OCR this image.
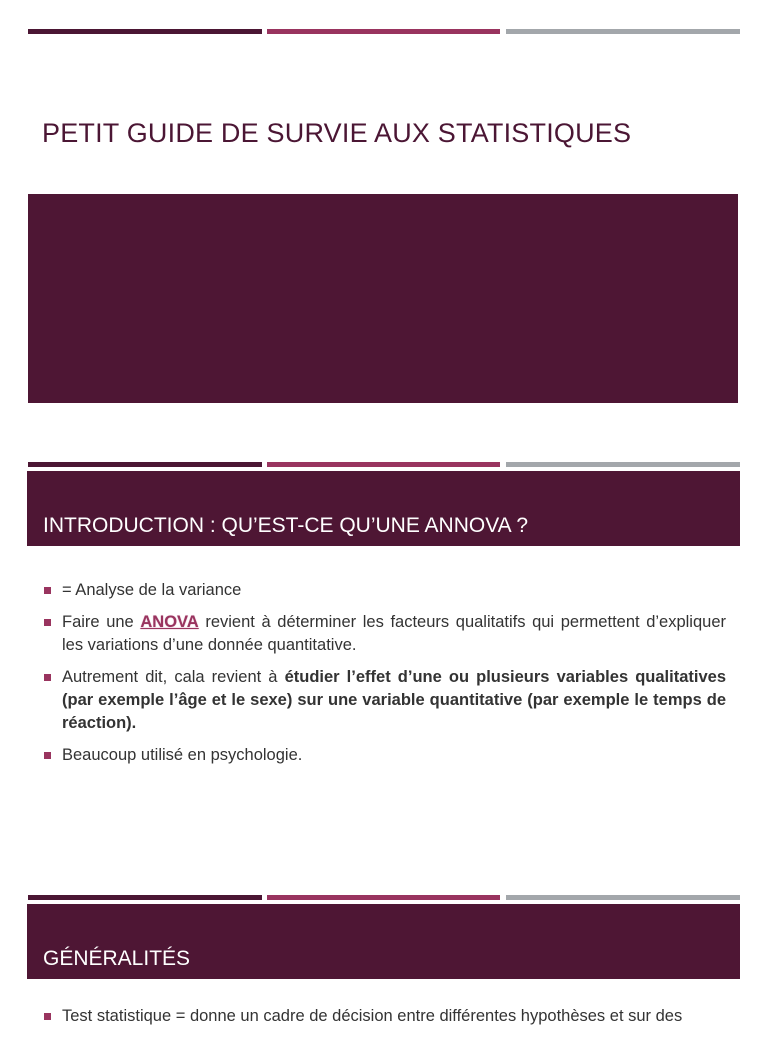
PETIT GUIDE DE SURVIE AUX STATISTIQUES
INTRODUCTION : QU’EST-CE QU’UNE ANNOVA ?
= Analyse de la variance
Faire une ANOVA revient à déterminer les facteurs qualitatifs qui permettent d’expliquer les variations d’une donnée quantitative.
Autrement dit, cala revient à étudier l’effet d’une ou plusieurs variables qualitatives (par exemple l’âge et le sexe) sur une variable quantitative (par exemple le temps de réaction).
Beaucoup utilisé en psychologie.
GÉNÉRALITÉS
Test statistique = donne un cadre de décision entre différentes hypothèses et sur des
